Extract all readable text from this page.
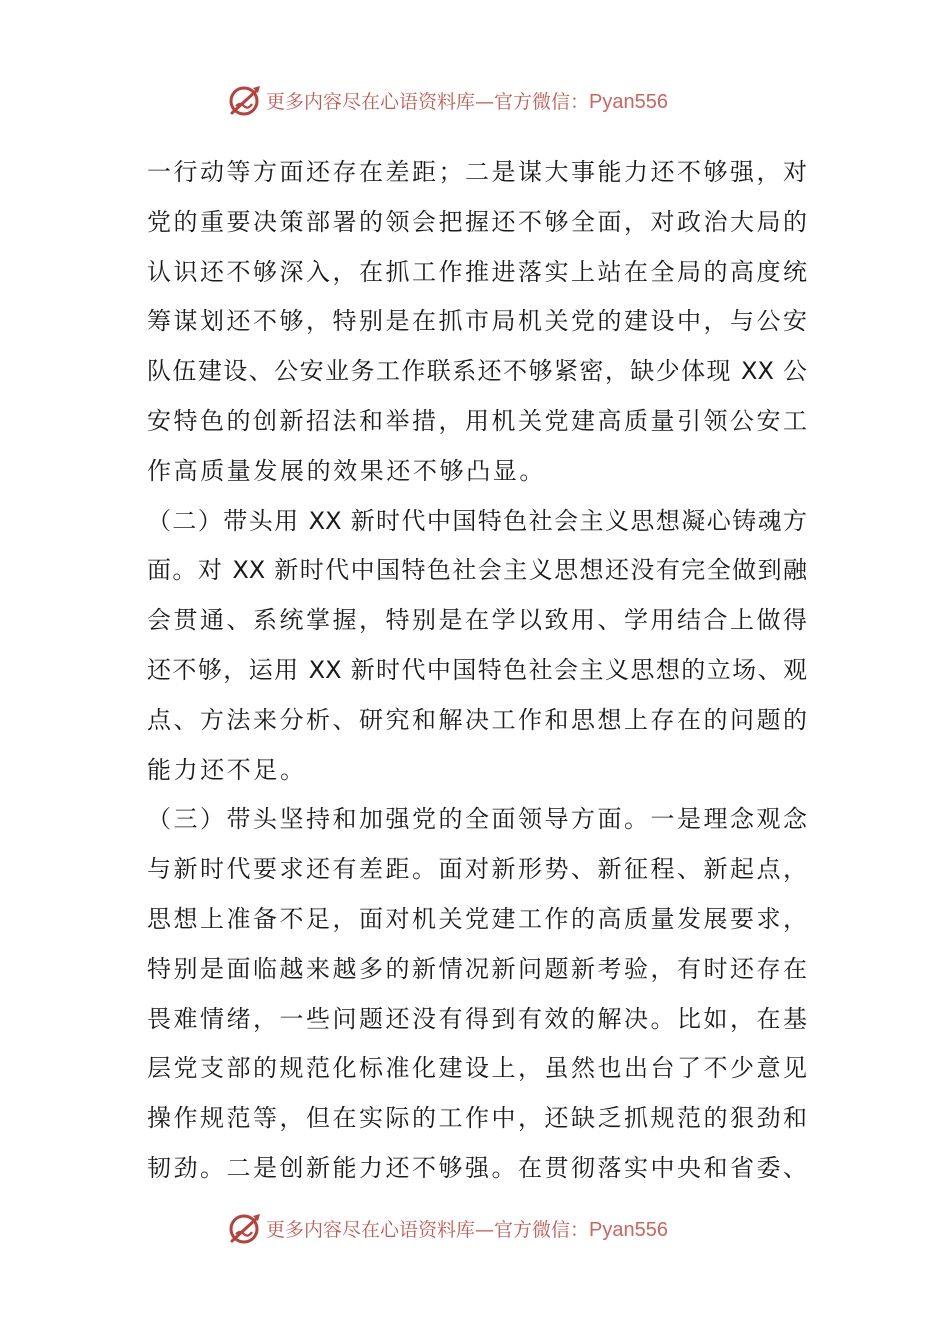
更多内容尽在心语资料库—官方微信：Pyan556
一行动等方面还存在差距；二是谋大事能力还不够强，对
党的重要决策部署的领会把握还不够全面，对政治大局的
认识还不够深入，在抓工作推进落实上站在全局的高度统
筹谋划还不够，特别是在抓市局机关党的建设中，与公安
队伍建设、公安业务工作联系还不够紧密，缺少体现 XX 公
安特色的创新招法和举措，用机关党建高质量引领公安工
作高质量发展的效果还不够凸显。
（二）带头用 XX 新时代中国特色社会主义思想凝心铸魂方
面。对 XX 新时代中国特色社会主义思想还没有完全做到融
会贯通、系统掌握，特别是在学以致用、学用结合上做得
还不够，运用 XX 新时代中国特色社会主义思想的立场、观
点、方法来分析、研究和解决工作和思想上存在的问题的
能力还不足。
（三）带头坚持和加强党的全面领导方面。一是理念观念
与新时代要求还有差距。面对新形势、新征程、新起点，
思想上准备不足，面对机关党建工作的高质量发展要求，
特别是面临越来越多的新情况新问题新考验，有时还存在
畏难情绪，一些问题还没有得到有效的解决。比如，在基
层党支部的规范化标准化建设上，虽然也出台了不少意见
操作规范等，但在实际的工作中，还缺乏抓规范的狠劲和
韧劲。二是创新能力还不够强。在贯彻落实中央和省委、
更多内容尽在心语资料库—官方微信：Pyan556
